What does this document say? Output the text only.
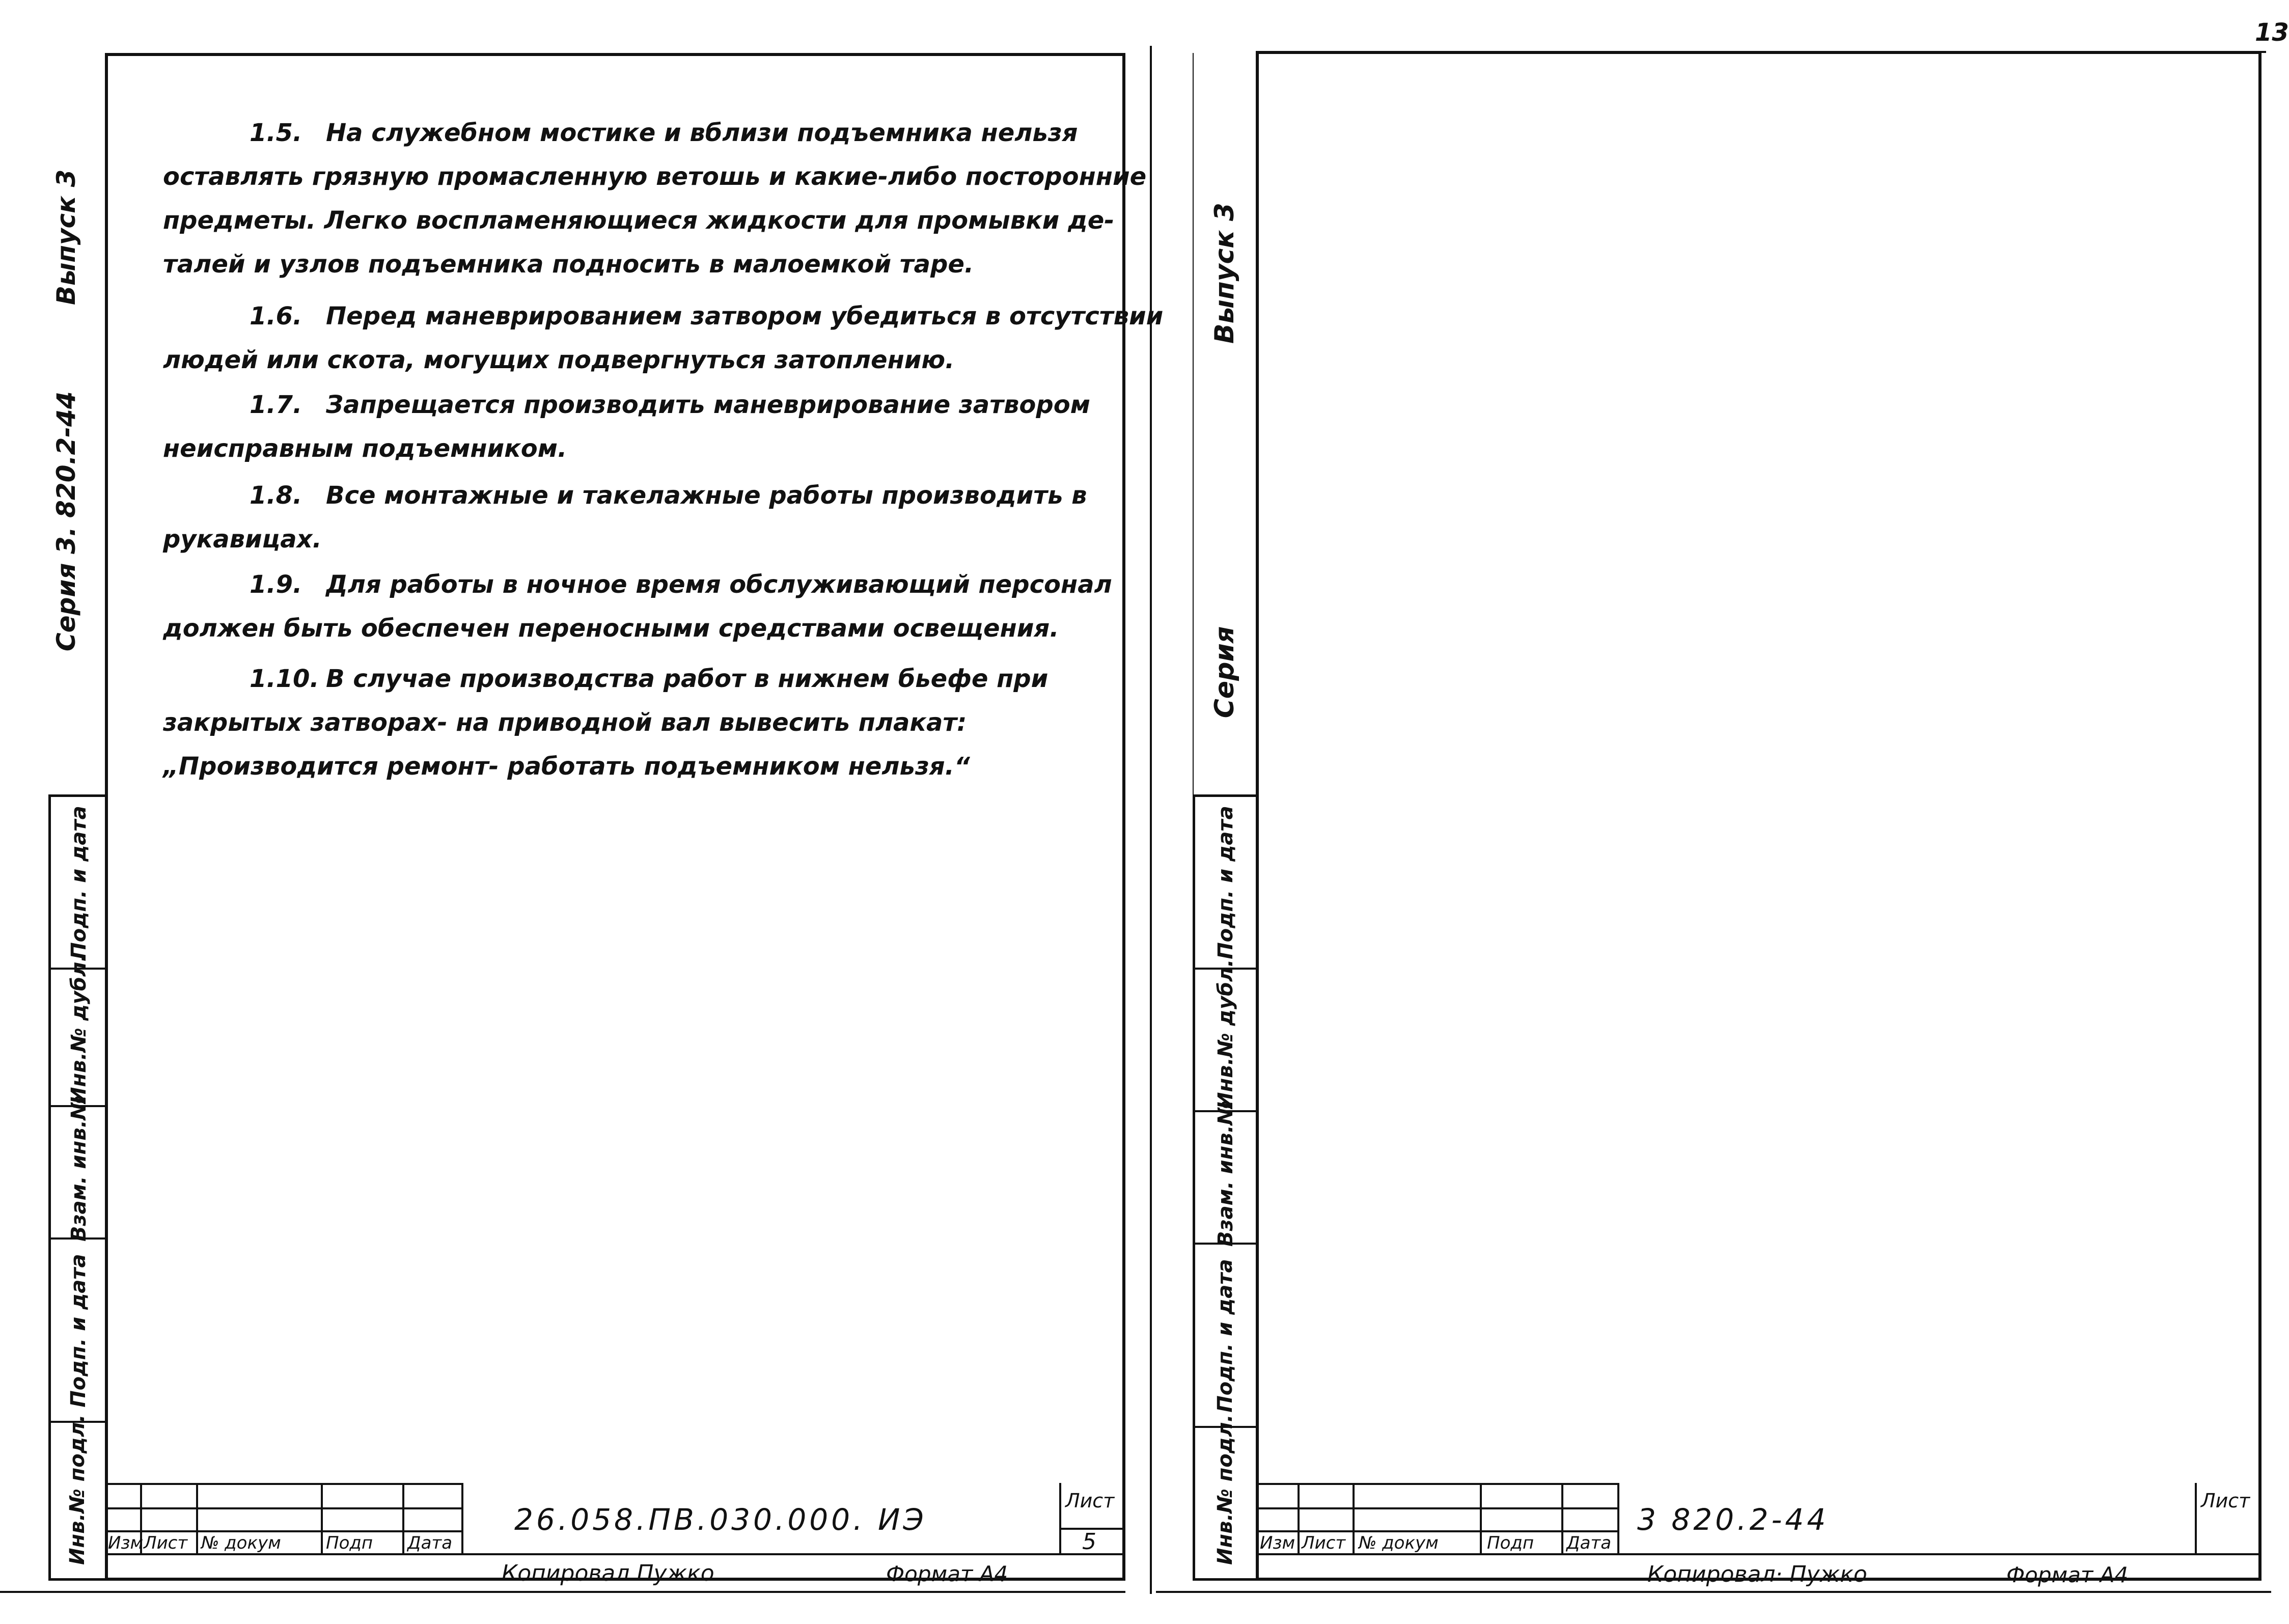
13
Инв.№ подл.
Подп. и дата
Взам. инв.№
Инв.№ дубл.
Подп. и дата
Серия 3. 820.2-44
Выпуск 3
1.5. На служебном мостике и вблизи подъемника нельзя
оставлять грязную промасленную ветошь и какие-либо посторонние
предметы. Легко воспламеняющиеся жидкости для промывки де-
талей и узлов подъемника подносить в малоемкой таре.
1.6. Перед маневрированием затвором убедиться в отсутствии
людей или скота, могущих подвергнуться затоплению.
1.7. Запрещается производить маневрирование затвором
неисправным подъемником.
1.8. Все монтажные и такелажные работы производить в
рукавицах.
1.9. Для работы в ночное время обслуживающий персонал
должен быть обеспечен переносными средствами освещения.
1.10. В случае производства работ в нижнем бьефе при
закрытых затворах- на приводной вал вывесить плакат:
„Производится ремонт- работать подъемником нельзя.“
Изм Лист № докум	Подп Дата
26.058.ПВ.030.000. ИЭ
Лист
5
Копировал Пужко	Формат А4
Инв.№ подл.
Подп. и дата
Взам. инв.№
Инв.№ дубл.
Подп. и дата
Серия
Выпуск 3
Изм Лист № докум	Подп Дата
3 820.2-44
Лист
Копировал· Пужко	Формат А4
